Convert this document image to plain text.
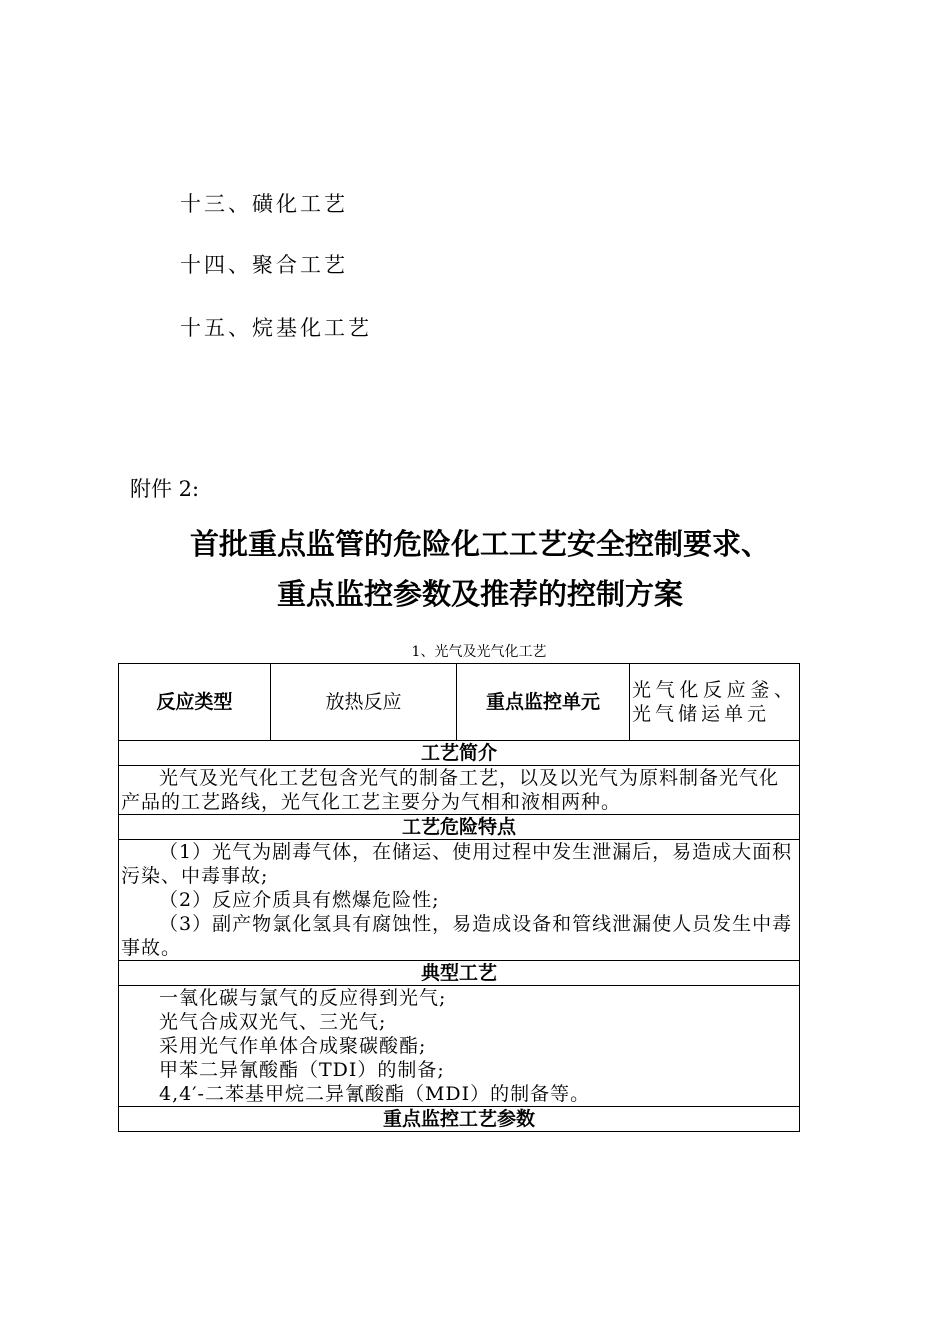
十三、磺化工艺
十四、聚合工艺
十五、烷基化工艺
附件 2:
首批重点监管的危险化工工艺安全控制要求、
重点监控参数及推荐的控制方案
1、光气及光气化工艺
反应类型	放热反应	重点监控单元	光气化反应釜、光气储运单元
工艺简介

光气及光气化工艺包含光气的制备工艺，以及以光气为原料制备光气化产品的工艺路线，光气化工艺主要分为气相和液相两种。

工艺危险特点

（1）光气为剧毒气体，在储运、使用过程中发生泄漏后，易造成大面积污染、中毒事故;
（2）反应介质具有燃爆危险性;
（3）副产物氯化氢具有腐蚀性，易造成设备和管线泄漏使人员发生中毒事故。

典型工艺

一氧化碳与氯气的反应得到光气;
光气合成双光气、三光气;
采用光气作单体合成聚碳酸酯;
甲苯二异氰酸酯（TDI）的制备;
4,4′-二苯基甲烷二异氰酸酯（MDI）的制备等。

重点监控工艺参数
